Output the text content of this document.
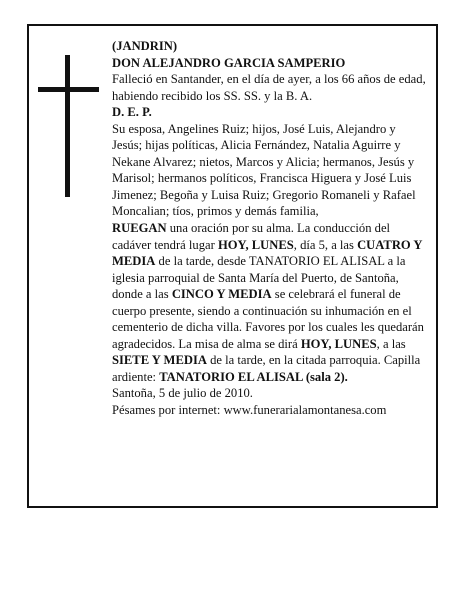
(JANDRIN)

DON ALEJANDRO GARCIA SAMPERIO

Falleció en Santander, en el día de ayer, a los 66 años de edad, habiendo recibido los SS. SS. y la B. A.

D. E. P.

Su esposa, Angelines Ruiz; hijos, José Luis, Alejandro y Jesús; hijas políticas, Alicia Fernández, Natalia Aguirre y Nekane Alvarez; nietos, Marcos y Alicia; hermanos, Jesús y Marisol; hermanos políticos, Francisca Higuera y José Luis Jimenez; Begoña y Luisa Ruiz; Gregorio Romaneli y Rafael Moncalian; tíos, primos y demás familia,

RUEGAN una oración por su alma. La conducción del cadáver tendrá lugar HOY, LUNES, día 5, a las CUATRO Y MEDIA de la tarde, desde TANATORIO EL ALISAL a la iglesia parroquial de Santa María del Puerto, de Santoña, donde a las CINCO Y MEDIA se celebrará el funeral de cuerpo presente, siendo a continuación su inhumación en el cementerio de dicha villa. Favores por los cuales les quedarán agradecidos. La misa de alma se dirá HOY, LUNES, a las SIETE Y MEDIA de la tarde, en la citada parroquia. Capilla ardiente: TANATORIO EL ALISAL (sala 2).

Santoña, 5 de julio de 2010.

Pésames por internet: www.funerarialamontanesa.com
